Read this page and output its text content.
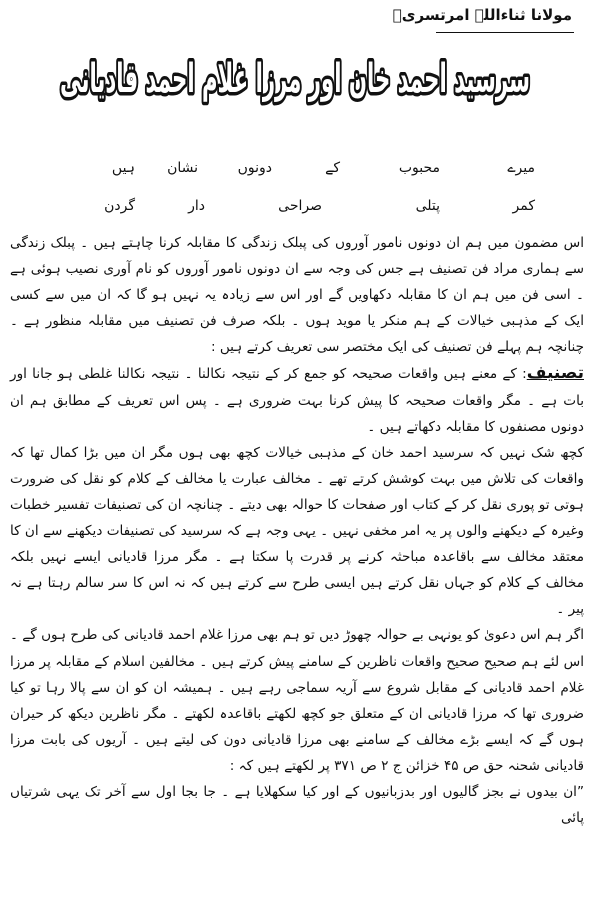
مولانا ثناءاللہ امرتسریؒ
سرسید احمد خان اور مرزا غلام احمد قادیانی
سرسید احمد خان اور مرزا غلام احمد قادیانی
میرے
محبوب
کے
دونوں
نشان
ہیں
کمر
پتلی
صراحی
دار
گردن

اس مضمون میں ہم ان دونوں نامور آوروں کی پبلک زندگی کا مقابلہ کرنا چاہتے ہیں ۔ پبلک زندگی سے ہماری مراد فن تصنیف ہے جس کی وجہ سے ان دونوں نامور آوروں کو نام آوری نصیب ہوئی ہے ۔ اسی فن میں ہم ان کا مقابلہ دکھاویں گے اور اس سے زیادہ یہ نہیں ہو گا کہ ان میں سے کسی ایک کے مذہبی خیالات کے ہم منکر یا موید ہوں ۔ بلکہ صرف فن تصنیف میں مقابلہ منظور ہے ۔ چنانچہ ہم پہلے فن تصنیف کی ایک مختصر سی تعریف کرتے ہیں :

تصنیف: کے معنے ہیں واقعات صحیحہ کو جمع کر کے نتیجہ نکالنا ۔ نتیجہ نکالنا غلطی ہو جانا اور بات ہے ۔ مگر واقعات صحیحہ کا پیش کرنا بہت ضروری ہے ۔ پس اس تعریف کے مطابق ہم ان دونوں مصنفوں کا مقابلہ دکھاتے ہیں ۔

کچھ شک نہیں کہ سرسید احمد خان کے مذہبی خیالات کچھ بھی ہوں مگر ان میں بڑا کمال تھا کہ واقعات کی تلاش میں بہت کوشش کرتے تھے ۔ مخالف عبارت یا مخالف کے کلام کو نقل کی ضرورت ہوتی تو پوری نقل کر کے کتاب اور صفحات کا حوالہ بھی دیتے ۔ چنانچہ ان کی تصنیفات تفسیر خطبات وغیرہ کے دیکھنے والوں پر یہ امر مخفی نہیں ۔ یہی وجہ ہے کہ سرسید کی تصنیفات دیکھنے سے ان کا معتقد مخالف سے باقاعدہ مباحثہ کرنے پر قدرت پا سکتا ہے ۔ مگر مرزا قادیانی ایسے نہیں بلکہ مخالف کے کلام کو جہاں نقل کرتے ہیں ایسی طرح سے کرتے ہیں کہ نہ اس کا سر سالم رہتا ہے نہ پیر ۔

اگر ہم اس دعویٰ کو یونہی بے حوالہ چھوڑ دیں تو ہم بھی مرزا غلام احمد قادیانی کی طرح ہوں گے ۔ اس لئے ہم صحیح صحیح واقعات ناظرین کے سامنے پیش کرتے ہیں ۔ مخالفین اسلام کے مقابلہ پر مرزا غلام احمد قادیانی کے مقابل شروع سے آریہ سماجی رہے ہیں ۔ ہمیشہ ان کو ان سے پالا رہا تو کیا ضروری تھا کہ مرزا قادیانی ان کے متعلق جو کچھ لکھتے باقاعدہ لکھتے ۔ مگر ناظرین دیکھ کر حیران ہوں گے کہ ایسے بڑے مخالف کے سامنے بھی مرزا قادیانی دون کی لیتے ہیں ۔ آریوں کی بابت مرزا قادیانی شحنہ حق ص ۴۵ خزائن ج ۲ ص ۳۷۱ پر لکھتے ہیں کہ :

”ان بیدوں نے بجز گالیوں اور بدزبانیوں کے اور کیا سکھلایا ہے ۔ جا بجا اول سے آخر تک یہی شرتیاں پائی
